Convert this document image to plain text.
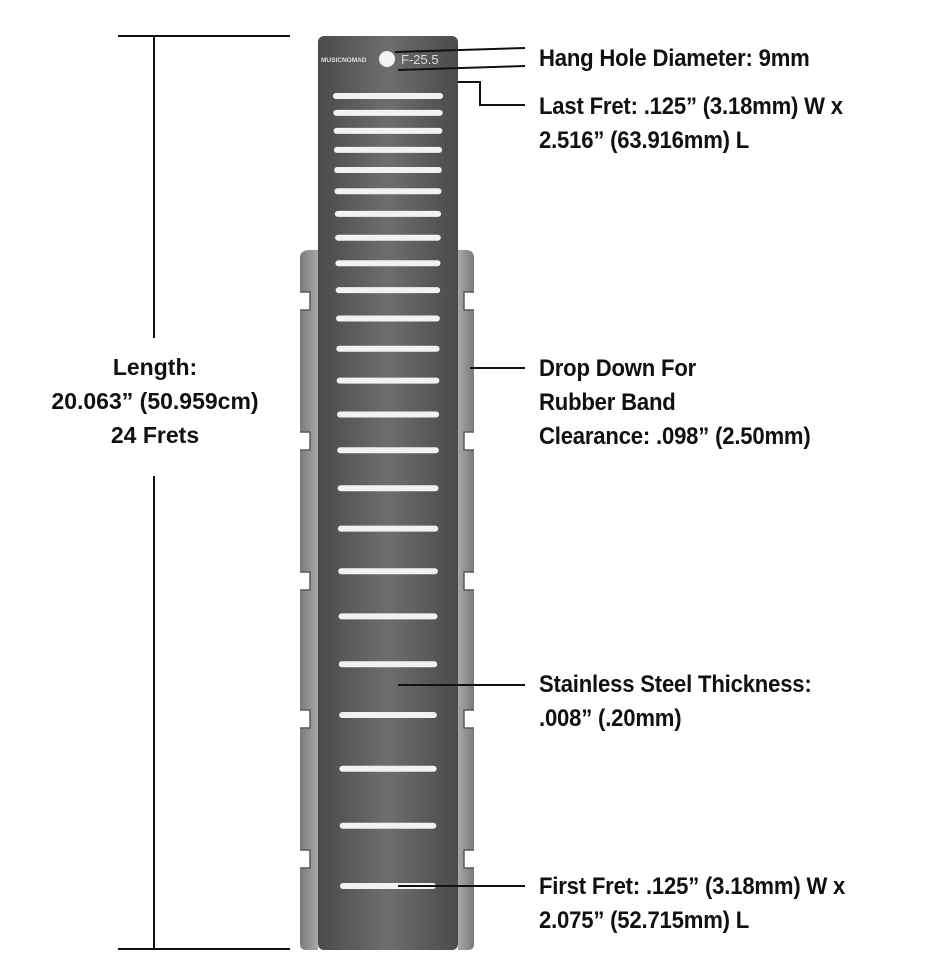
MUSICNOMAD	F-25.5
Length:
20.063” (50.959cm)
24 Frets
Hang Hole Diameter: 9mm
Last Fret: .125” (3.18mm) W x
2.516” (63.916mm) L
Drop Down For
Rubber Band
Clearance: .098” (2.50mm)
Stainless Steel Thickness:
.008” (.20mm)
First Fret: .125” (3.18mm) W x
2.075” (52.715mm) L
